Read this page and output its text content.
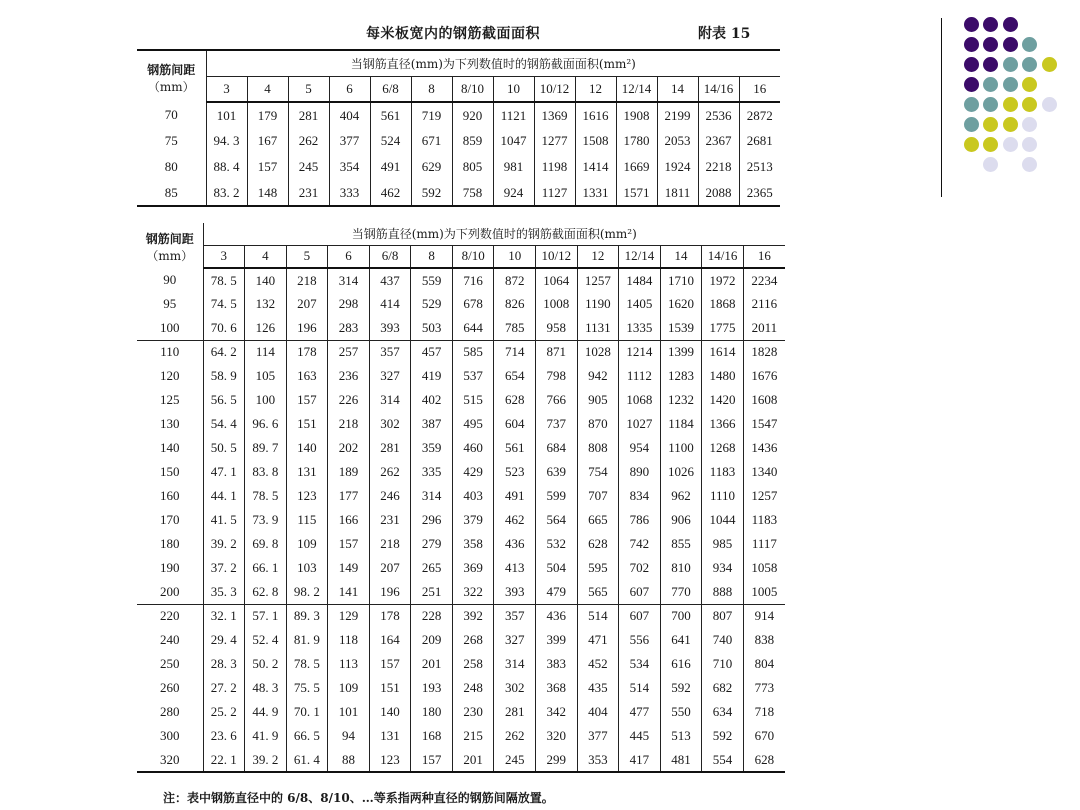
每米板宽内的钢筋截面面积	附表 15
钢筋间距
（mm）	当钢筋直径(mm)为下列数值时的钢筋截面面积(mm²)													
	3	4	5	6	6/8	8	8/10	10	10/12	12	12/14	14	14/16	16
70	101	179	281	404	561	719	920	1121	1369	1616	1908	2199	2536	2872
75	94. 3	167	262	377	524	671	859	1047	1277	1508	1780	2053	2367	2681
80	88. 4	157	245	354	491	629	805	981	1198	1414	1669	1924	2218	2513
85	83. 2	148	231	333	462	592	758	924	1127	1331	1571	1811	2088	2365
钢筋间距
（mm）	当钢筋直径(mm)为下列数值时的钢筋截面面积(mm²)													
	3	4	5	6	6/8	8	8/10	10	10/12	12	12/14	14	14/16	16
90	78. 5	140	218	314	437	559	716	872	1064	1257	1484	1710	1972	2234
95	74. 5	132	207	298	414	529	678	826	1008	1190	1405	1620	1868	2116
100	70. 6	126	196	283	393	503	644	785	958	1131	1335	1539	1775	2011
110	64. 2	114	178	257	357	457	585	714	871	1028	1214	1399	1614	1828
120	58. 9	105	163	236	327	419	537	654	798	942	1112	1283	1480	1676
125	56. 5	100	157	226	314	402	515	628	766	905	1068	1232	1420	1608
130	54. 4	96. 6	151	218	302	387	495	604	737	870	1027	1184	1366	1547
140	50. 5	89. 7	140	202	281	359	460	561	684	808	954	1100	1268	1436
150	47. 1	83. 8	131	189	262	335	429	523	639	754	890	1026	1183	1340
160	44. 1	78. 5	123	177	246	314	403	491	599	707	834	962	1110	1257
170	41. 5	73. 9	115	166	231	296	379	462	564	665	786	906	1044	1183
180	39. 2	69. 8	109	157	218	279	358	436	532	628	742	855	985	1117
190	37. 2	66. 1	103	149	207	265	369	413	504	595	702	810	934	1058
200	35. 3	62. 8	98. 2	141	196	251	322	393	479	565	607	770	888	1005
220	32. 1	57. 1	89. 3	129	178	228	392	357	436	514	607	700	807	914
240	29. 4	52. 4	81. 9	118	164	209	268	327	399	471	556	641	740	838
250	28. 3	50. 2	78. 5	113	157	201	258	314	383	452	534	616	710	804
260	27. 2	48. 3	75. 5	109	151	193	248	302	368	435	514	592	682	773
280	25. 2	44. 9	70. 1	101	140	180	230	281	342	404	477	550	634	718
300	23. 6	41. 9	66. 5	94	131	168	215	262	320	377	445	513	592	670
320	22. 1	39. 2	61. 4	88	123	157	201	245	299	353	417	481	554	628
注：表中钢筋直径中的 6/8、8/10、…等系指两种直径的钢筋间隔放置。
